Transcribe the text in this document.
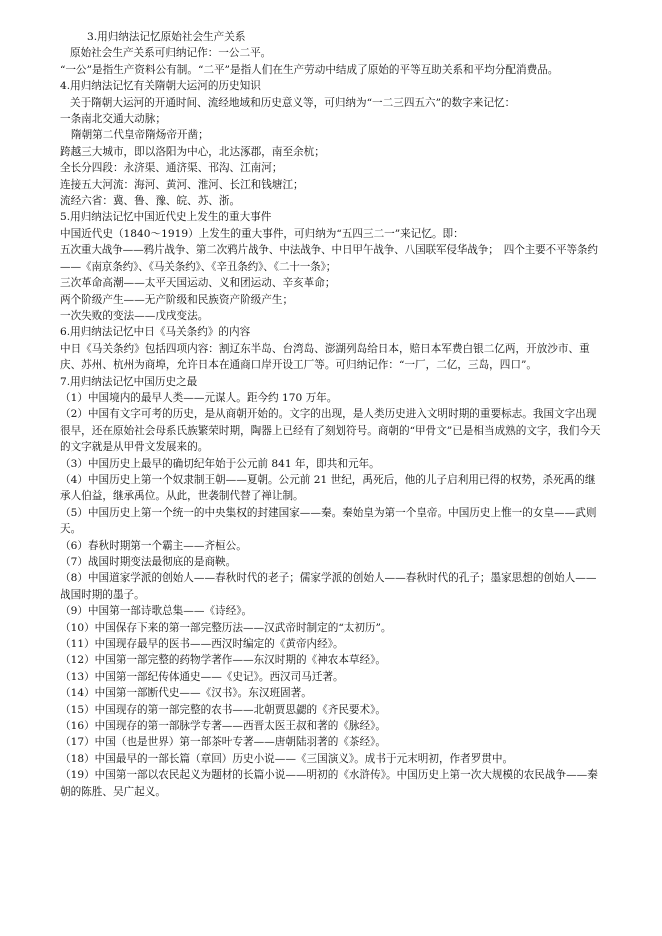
3.用归纳法记忆原始社会生产关系

原始社会生产关系可归纳记作：一公二平。

“一公”是指生产资料公有制。“二平”是指人们在生产劳动中结成了原始的平等互助关系和平均分配消费品。

4.用归纳法记忆有关隋朝大运河的历史知识

关于隋朝大运河的开通时间、流经地域和历史意义等，可归纳为“一二三四五六”的数字来记忆：

一条南北交通大动脉；

隋朝第二代皇帝隋炀帝开凿；

跨越三大城市，即以洛阳为中心，北达涿郡，南至余杭；

全长分四段：永济渠、通济渠、邗沟、江南河；

连接五大河流：海河、黄河、淮河、长江和钱塘江；

流经六省：冀、鲁、豫、皖、苏、浙。

5.用归纳法记忆中国近代史上发生的重大事件

中国近代史（1840～1919）上发生的重大事件，可归纳为“五四三二一”来记忆。即：

五次重大战争——鸦片战争、第二次鸦片战争、中法战争、中日甲午战争、八国联军侵华战争；　四个主要不平等条约——《南京条约》、《马关条约》、《辛丑条约》、《二十一条》；

三次革命高潮——太平天国运动、义和团运动、辛亥革命；

两个阶级产生——无产阶级和民族资产阶级产生；

一次失败的变法——戊戌变法。

6.用归纳法记忆中日《马关条约》的内容

中日《马关条约》包括四项内容：割辽东半岛、台湾岛、澎湖列岛给日本，赔日本军费白银二亿两，开放沙市、重庆、苏州、杭州为商埠，允许日本在通商口岸开设工厂等。可归纳记作：“一厂，二亿，三岛，四口”。

7.用归纳法记忆中国历史之最

（1）中国境内的最早人类——元谋人。距今约 170 万年。

（2）中国有文字可考的历史，是从商朝开始的。文字的出现，是人类历史进入文明时期的重要标志。我国文字出现很早，还在原始社会母系氏族繁荣时期，陶器上已经有了刻划符号。商朝的“甲骨文”已是相当成熟的文字，我们今天的文字就是从甲骨文发展来的。

（3）中国历史上最早的确切纪年始于公元前 841 年，即共和元年。

（4）中国历史上第一个奴隶制王朝——夏朝。公元前 21 世纪，禹死后，他的儿子启利用已得的权势，杀死禹的继承人伯益，继承禹位。从此，世袭制代替了禅让制。

（5）中国历史上第一个统一的中央集权的封建国家——秦。秦始皇为第一个皇帝。中国历史上惟一的女皇——武则天。

（6）春秋时期第一个霸主——齐桓公。

（7）战国时期变法最彻底的是商鞅。

（8）中国道家学派的创始人——春秋时代的老子；儒家学派的创始人——春秋时代的孔子；墨家思想的创始人——战国时期的墨子。

（9）中国第一部诗歌总集——《诗经》。

（10）中国保存下来的第一部完整历法——汉武帝时制定的“太初历”。

（11）中国现存最早的医书——西汉时编定的《黄帝内经》。

（12）中国第一部完整的药物学著作——东汉时期的《神农本草经》。

（13）中国第一部纪传体通史——《史记》。西汉司马迁著。

（14）中国第一部断代史——《汉书》。东汉班固著。

（15）中国现存的第一部完整的农书——北朝贾思勰的《齐民要术》。

（16）中国现存的第一部脉学专著——西晋太医王叔和著的《脉经》。

（17）中国（也是世界）第一部茶叶专著——唐朝陆羽著的《茶经》。

（18）中国最早的一部长篇（章回）历史小说——《三国演义》。成书于元末明初，作者罗贯中。

（19）中国第一部以农民起义为题材的长篇小说——明初的《水浒传》。中国历史上第一次大规模的农民战争——秦朝的陈胜、吴广起义。
